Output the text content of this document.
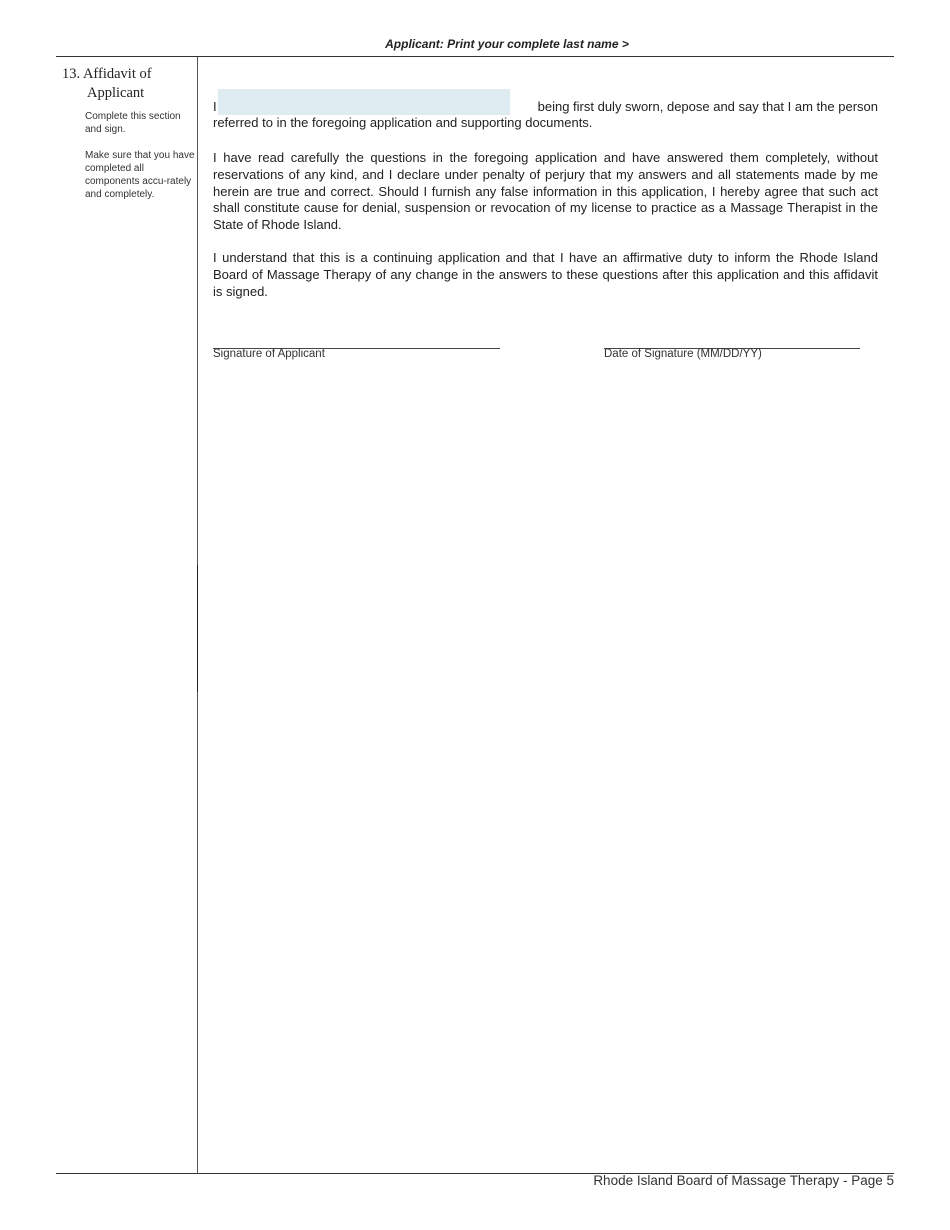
Applicant: Print your complete last name >
13. Affidavit of
Applicant
Complete this section and sign.
Make sure that you have completed all components accu-rately and completely.
I	being first duly sworn, depose and say that I am the person
referred to in the foregoing application and supporting documents.
I have read carefully the questions in the foregoing application and have answered them completely, without reservations of any kind, and I declare under penalty of perjury that my answers and all statements made by me herein are true and correct. Should I furnish any false information in this application, I hereby agree that such act shall constitute cause for denial, suspension or revocation of my license to practice as a Massage Therapist in the State of Rhode Island.
I understand that this is a continuing application and that I have an affirmative duty to inform the Rhode Island Board of Massage Therapy of any change in the answers to these questions after this application and this affidavit is signed.
Signature of Applicant	Date of Signature (MM/DD/YY)
Rhode Island Board of Massage Therapy - Page 5
